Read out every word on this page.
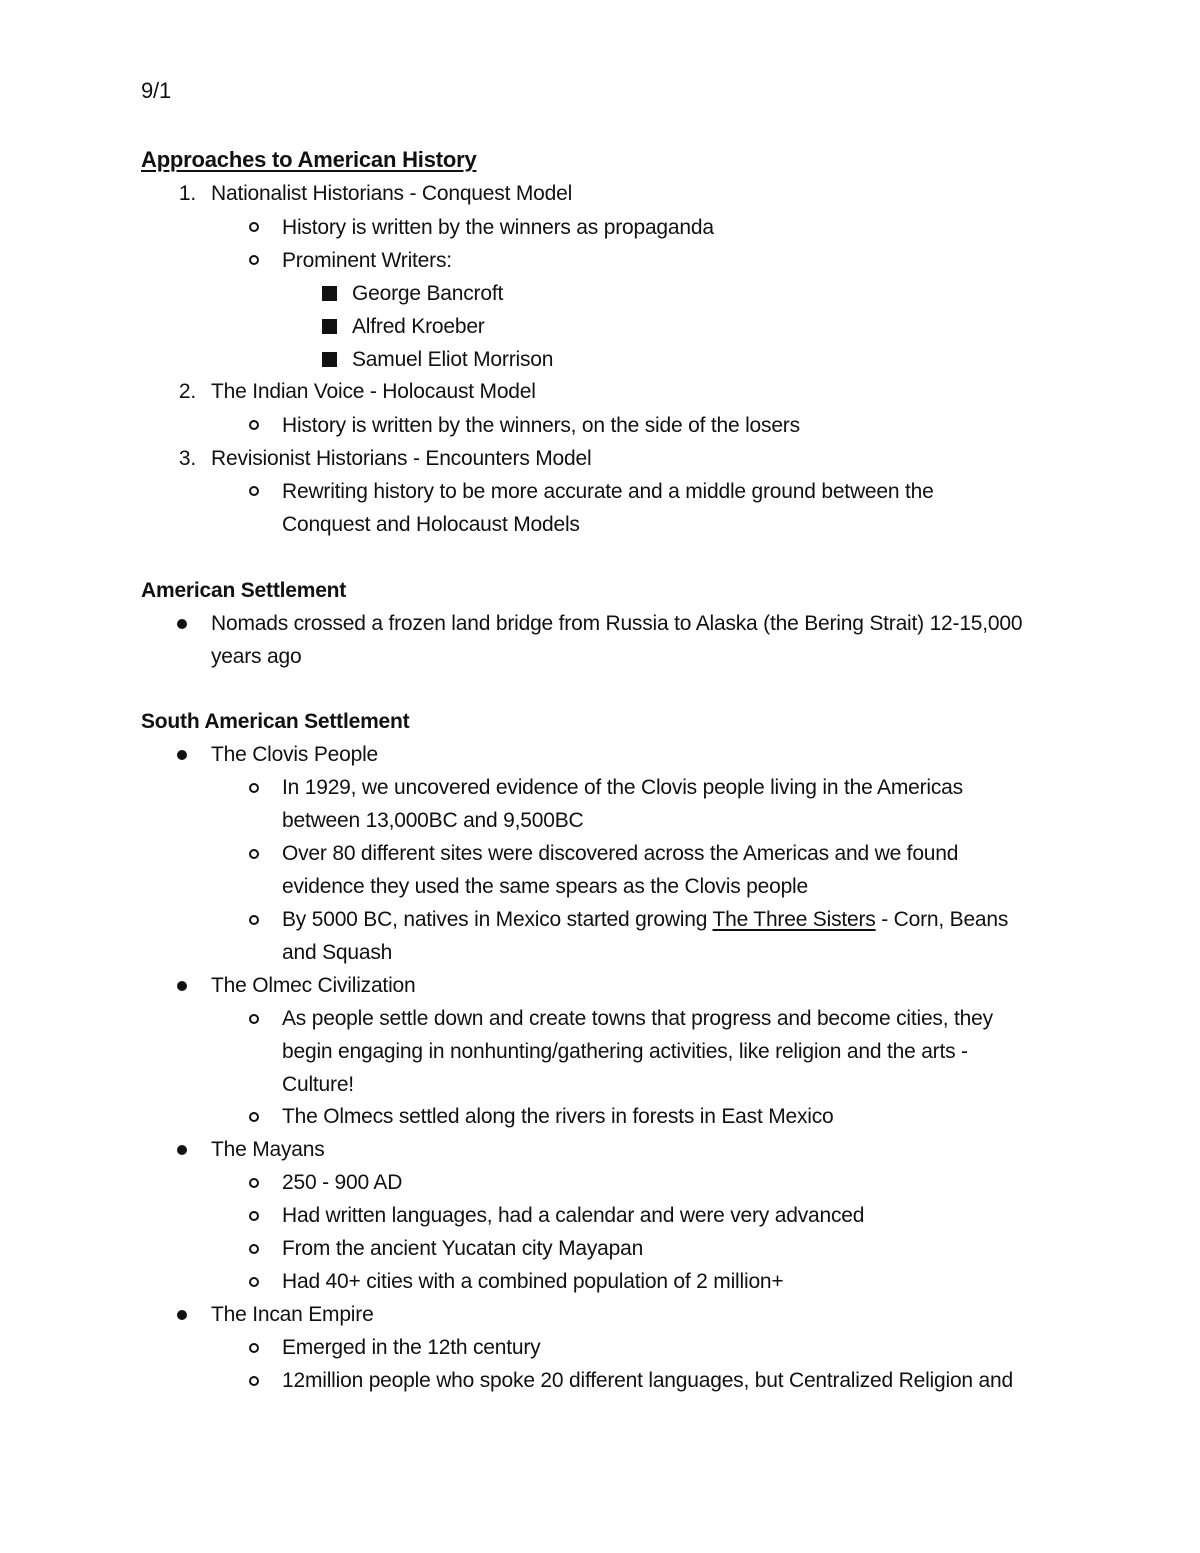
9/1
Approaches to American History
1. Nationalist Historians - Conquest Model
History is written by the winners as propaganda
Prominent Writers:
George Bancroft
Alfred Kroeber
Samuel Eliot Morrison
2. The Indian Voice - Holocaust Model
History is written by the winners, on the side of the losers
3. Revisionist Historians - Encounters Model
Rewriting history to be more accurate and a middle ground between the
Conquest and Holocaust Models
American Settlement
Nomads crossed a frozen land bridge from Russia to Alaska (the Bering Strait) 12-15,000
years ago
South American Settlement
The Clovis People
In 1929, we uncovered evidence of the Clovis people living in the Americas
between 13,000BC and 9,500BC
Over 80 different sites were discovered across the Americas and we found
evidence they used the same spears as the Clovis people
By 5000 BC, natives in Mexico started growing The Three Sisters - Corn, Beans
and Squash
The Olmec Civilization
As people settle down and create towns that progress and become cities, they
begin engaging in nonhunting/gathering activities, like religion and the arts -
Culture!
The Olmecs settled along the rivers in forests in East Mexico
The Mayans
250 - 900 AD
Had written languages, had a calendar and were very advanced
From the ancient Yucatan city Mayapan
Had 40+ cities with a combined population of 2 million+
The Incan Empire
Emerged in the 12th century
12million people who spoke 20 different languages, but Centralized Religion and
